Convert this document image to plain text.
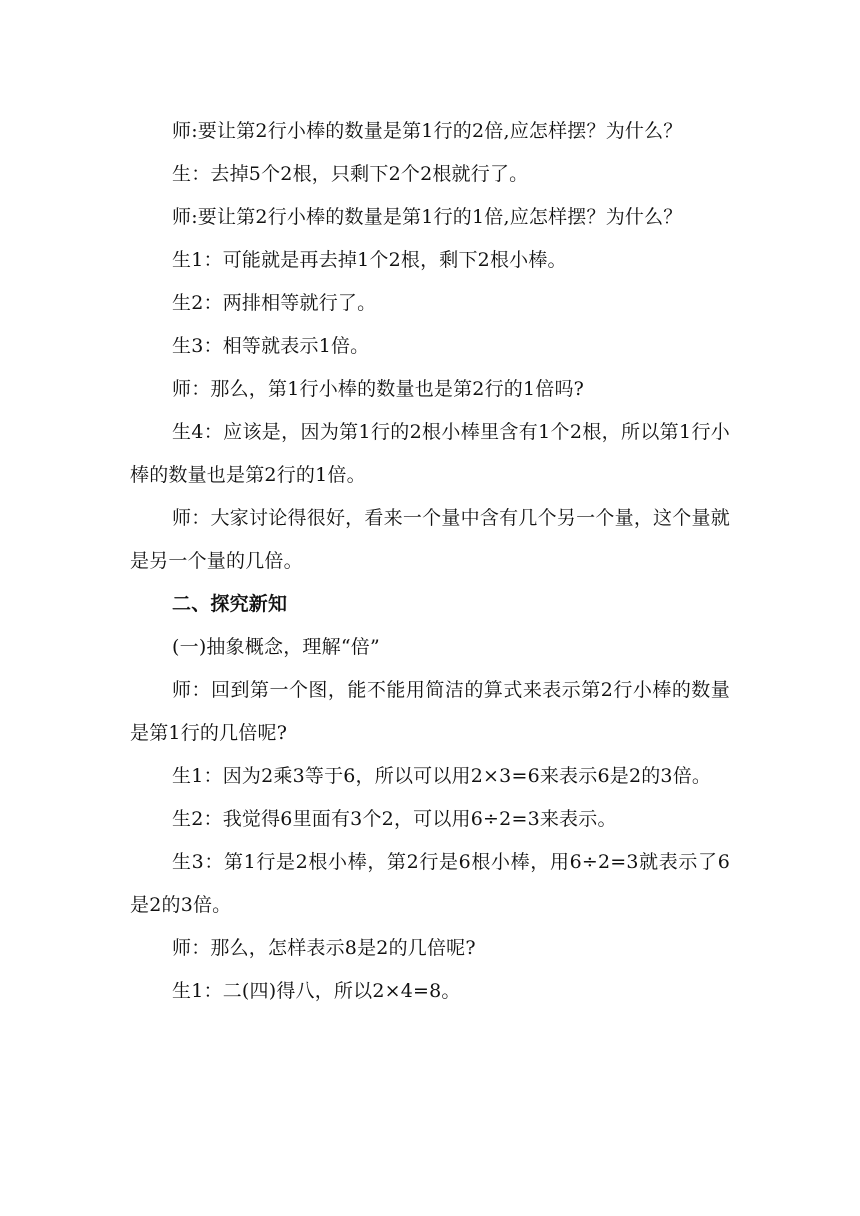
师:要让第2行小棒的数量是第1行的2倍,应怎样摆？为什么？

生：去掉5个2根，只剩下2个2根就行了。

师:要让第2行小棒的数量是第1行的1倍,应怎样摆？为什么？

生1：可能就是再去掉1个2根，剩下2根小棒。

生2：两排相等就行了。

生3：相等就表示1倍。

师：那么，第1行小棒的数量也是第2行的1倍吗?

生4：应该是，因为第1行的2根小棒里含有1个2根，所以第1行小棒的数量也是第2行的1倍。

师：大家讨论得很好，看来一个量中含有几个另一个量，这个量就是另一个量的几倍。

二、探究新知

(一)抽象概念，理解“倍”

师：回到第一个图，能不能用简洁的算式来表示第2行小棒的数量是第1行的几倍呢?

生1：因为2乘3等于6，所以可以用2×3=6来表示6是2的3倍。

生2：我觉得6里面有3个2，可以用6÷2=3来表示。

生3：第1行是2根小棒，第2行是6根小棒，用6÷2=3就表示了6是2的3倍。

师：那么，怎样表示8是2的几倍呢?

生1：二(四)得八，所以2×4=8。
